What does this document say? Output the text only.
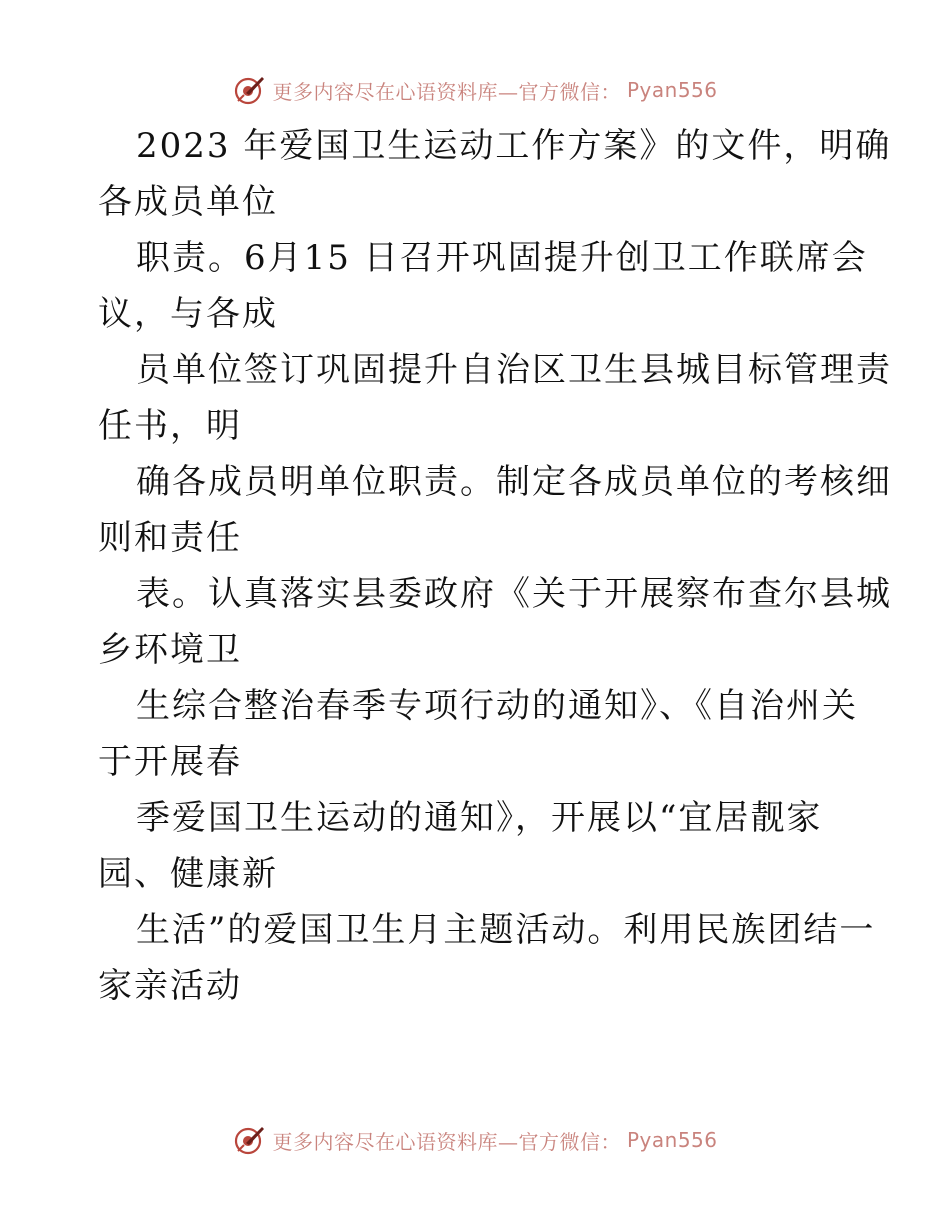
更多内容尽在心语资料库—官方微信： Pyan556
2023 年爱国卫生运动工作方案》的文件，明确
各成员单位
职责。6月15 日召开巩固提升创卫工作联席会
议，与各成
员单位签订巩固提升自治区卫生县城目标管理责
任书，明
确各成员明单位职责。制定各成员单位的考核细
则和责任
表。认真落实县委政府《关于开展察布查尔县城
乡环境卫
生综合整治春季专项行动的通知》、《自治州关
于开展春
季爱国卫生运动的通知》，开展以“宜居靓家
园、健康新
生活”的爱国卫生月主题活动。利用民族团结一
家亲活动
更多内容尽在心语资料库—官方微信： Pyan556
